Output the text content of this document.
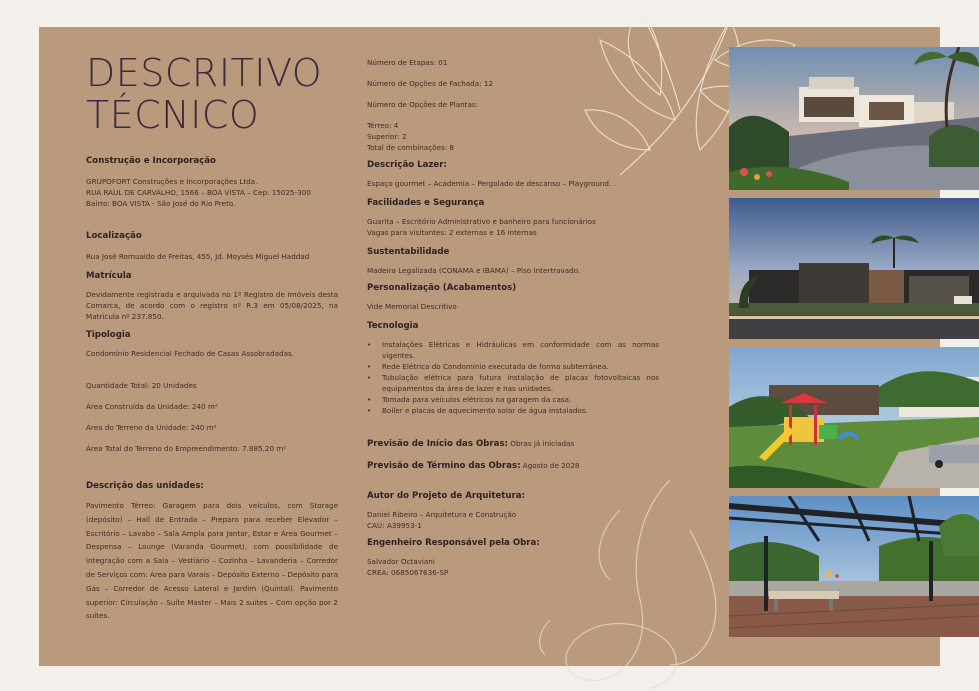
DESCRITIVO
TÉCNICO
Construção e Incorporação
GRUPOFORT Construções e Incorporações Ltda.
RUA RAUL DE CARVALHO, 1566 – BOA VISTA – Cep: 15025-300
Bairro: BOA VISTA - São José do Rio Preto.
Localização
Rua José Romualdo de Freitas, 455, Jd. Moysés Miguel Haddad
Matrícula
Devidamente registrada e arquivada no 1º Registro de Imóveis desta Comarca, de acordo com o registro nº R.3 em 05/08/2025, na Matrícula nº 237.850.
Tipologia
Condomínio Residencial Fechado de Casas Assobradadas.
Quantidade Total: 20 Unidades
Área Construída da Unidade: 240 m²
Área do Terreno da Unidade: 240 m²
Área Total do Terreno do Empreendimento: 7.885,20 m²
Descrição das unidades:
Pavimento Térreo: Garagem para dois veículos, com Storage (depósito) – Hall de Entrada – Preparo para receber Elevador – Escritório – Lavabo – Sala Ampla para Jantar, Estar e Área Gourmet – Despensa – Lounge (Varanda Gourmet), com possibilidade de integração com a Sala – Vestiário – Cozinha – Lavanderia – Corredor de Serviços com: Área para Varais – Depósito Externo – Depósito para Gás – Corredor de Acesso Lateral e Jardim (Quintal). Pavimento superior: Circulação – Suíte Master – Mais 2 suítes – Com opção por 2 suítes.
Número de Etapas: 01
Número de Opções de Fachada: 12
Número de Opções de Plantas:
Térreo: 4
Superior: 2
Total de combinações: 8
Descrição Lazer:
Espaço gourmet – Academia – Pergolado de descanso – Playground. .
Facilidades e Segurança
Guarita – Escritório Administrativo e banheiro para funcionários
Vagas para visitantes: 2 externas e 16 internas
Sustentabilidade
Madeira Legalizada (CONAMA e IBAMA) – Piso Intertravado.
Personalização (Acabamentos)
Vide Memorial Descritivo
Tecnologia
• Instalações Elétricas e Hidráulicas em conformidade com as normas vigentes.
• Rede Elétrica do Condomínio executada de forma subterrânea.
• Tubulação elétrica para futura instalação de placas fotovoltaicas nos equipamentos da área de lazer e nas unidades.
• Tomada para veículos elétricos na garagem da casa.
• Boiler e placas de aquecimento solar de água instalados.
Previsão de Início das Obras: Obras já iniciadas
Previsão de Término das Obras: Agosto de 2028
Autor do Projeto de Arquitetura:
Daniel Ribeiro – Arquitetura e Construção
CAU: A39953-1
Engenheiro Responsável pela Obra:
Salvador Octaviani
CREA: 0685067636-SP
